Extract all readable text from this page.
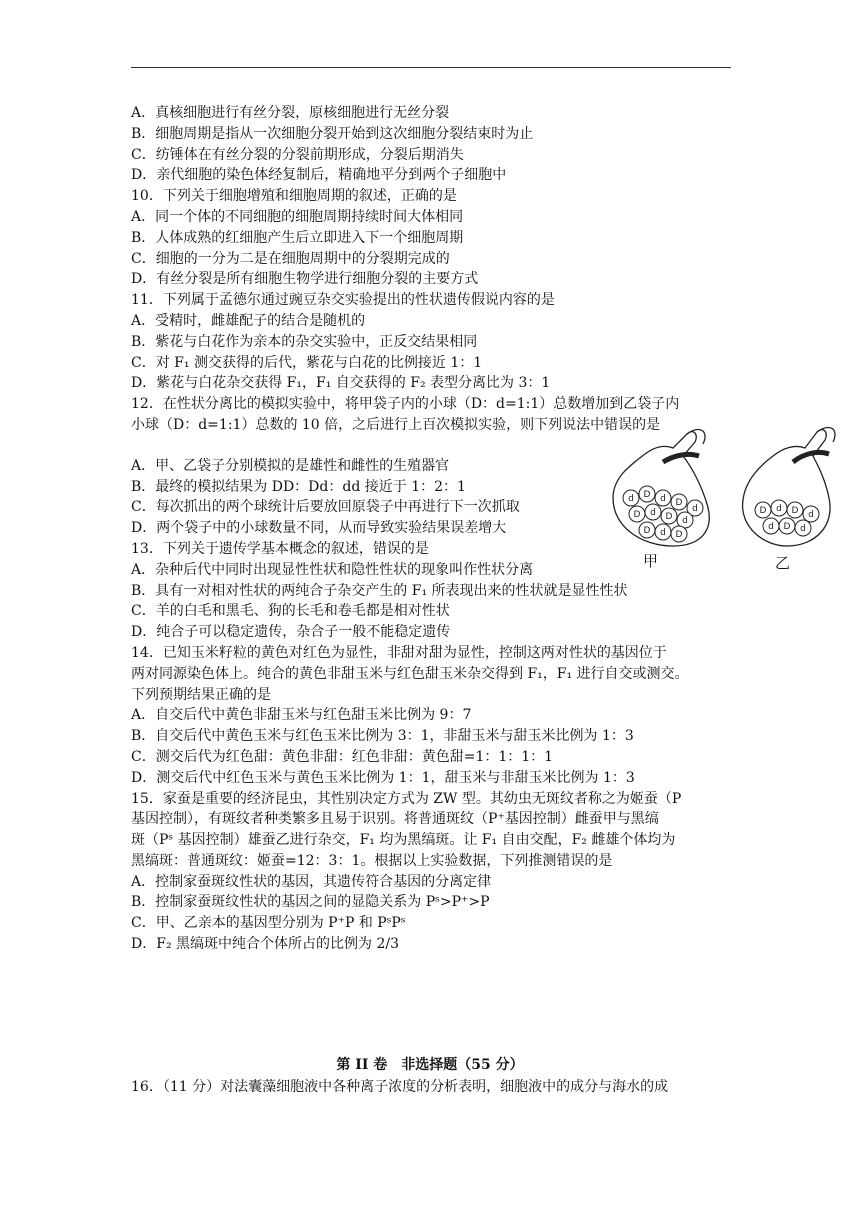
A．真核细胞进行有丝分裂，原核细胞进行无丝分裂
B．细胞周期是指从一次细胞分裂开始到这次细胞分裂结束时为止
C．纺锤体在有丝分裂的分裂前期形成，分裂后期消失
D．亲代细胞的染色体经复制后，精确地平分到两个子细胞中
10．下列关于细胞增殖和细胞周期的叙述，正确的是
A．同一个体的不同细胞的细胞周期持续时间大体相同
B．人体成熟的红细胞产生后立即进入下一个细胞周期
C．细胞的一分为二是在细胞周期中的分裂期完成的
D．有丝分裂是所有细胞生物学进行细胞分裂的主要方式
11．下列属于孟德尔通过豌豆杂交实验提出的性状遗传假说内容的是
A．受精时，雌雄配子的结合是随机的
B．紫花与白花作为亲本的杂交实验中，正反交结果相同
C．对 F₁ 测交获得的后代，紫花与白花的比例接近 1：1
D．紫花与白花杂交获得 F₁，F₁ 自交获得的 F₂ 表型分离比为 3：1
12．在性状分离比的模拟实验中，将甲袋子内的小球（D：d=1:1）总数增加到乙袋子内
小球（D：d=1:1）总数的 10 倍，之后进行上百次模拟实验，则下列说法中错误的是
A．甲、乙袋子分别模拟的是雄性和雌性的生殖器官
B．最终的模拟结果为 DD：Dd：dd 接近于 1：2：1
C．每次抓出的两个球统计后要放回原袋子中再进行下一次抓取
D．两个袋子中的小球数量不同，从而导致实验结果误差增大
13．下列关于遗传学基本概念的叙述，错误的是
A．杂种后代中同时出现显性性状和隐性性状的现象叫作性状分离
B．具有一对相对性状的两纯合子杂交产生的 F₁ 所表现出来的性状就是显性性状
C．羊的白毛和黑毛、狗的长毛和卷毛都是相对性状
D．纯合子可以稳定遗传，杂合子一般不能稳定遗传
14．已知玉米籽粒的黄色对红色为显性，非甜对甜为显性，控制这两对性状的基因位于
两对同源染色体上。纯合的黄色非甜玉米与红色甜玉米杂交得到 F₁，F₁ 进行自交或测交。
下列预期结果正确的是
A．自交后代中黄色非甜玉米与红色甜玉米比例为 9：7
B．自交后代中黄色玉米与红色玉米比例为 3：1，非甜玉米与甜玉米比例为 1：3
C．测交后代为红色甜：黄色非甜：红色非甜：黄色甜=1：1：1：1
D．测交后代中红色玉米与黄色玉米比例为 1：1，甜玉米与非甜玉米比例为 1：3
15．家蚕是重要的经济昆虫，其性别决定方式为 ZW 型。其幼虫无斑纹者称之为姬蚕（P
基因控制），有斑纹者种类繁多且易于识别。将普通斑纹（P⁺基因控制）雌蚕甲与黑缟
斑（Pˢ 基因控制）雄蚕乙进行杂交，F₁ 均为黑缟斑。让 F₁ 自由交配，F₂ 雌雄个体均为
黑缟斑：普通斑纹：姬蚕=12：3：1。根据以上实验数据，下列推测错误的是
A．控制家蚕斑纹性状的基因，其遗传符合基因的分离定律
B．控制家蚕斑纹性状的基因之间的显隐关系为 Pˢ>P⁺>P
C．甲、乙亲本的基因型分别为 P⁺P 和 PˢPˢ
D．F₂ 黑缟斑中纯合个体所占的比例为 2/3
d D d D
d
D d D d
D d D
D d D d
d D d
甲	乙
第 II 卷　非选择题（55 分）
16．（11 分）对法囊藻细胞液中各种离子浓度的分析表明，细胞液中的成分与海水的成
